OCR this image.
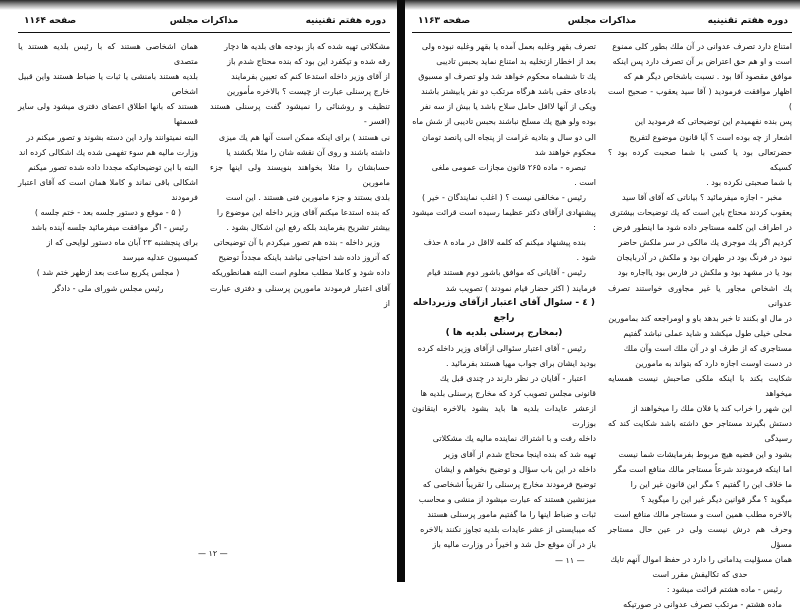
دوره هفتم تقنینیه
مذاکرات مجلس
صفحه ۱۱۶۴

مشکلاتی تهیه شده که باز بودجه های بلدیه ها دچار

رقه شده و تیکفرد این بود که بنده محتاج شدم باز

از آقای وزیر داخله استدعا کنم که تعیین بفرمایند

خارج پرسنلی عبارت از چیست ؟ بالاخره مأمورین

تنظیف و روشنائی را نمیشود گفت پرسنلی هستند (افسر -

نی هستند ) برای اینکه ممکن است آنها هم یك میزی

داشته باشند و روی آن نقشه شان را مثلا بکشند یا

حسابشان را مثلا بخواهند بنویسند ولی اینها جزء مامورین

بلدی بستند و جزء مامورین فنی هستند . این است

که بنده استدعا میکنم آقای وزیر داخله این موضوع را

بیشتر تشریح بفرمایند بلکه رفع این اشکال بشود .

وزیر داخله - بنده هم تصور میکردم با آن توضیحاتی

که آنروز داده شد احتیاجی نباشد باینکه مجدداً توضیح

داده شود و کاملا مطلب معلوم است البته همانطوریکه

آقای اعتبار فرمودند مامورین پرسنلی و دفتری عبارت از

همان اشخاصی هستند که با رئیس بلدیه هستند یا متصدی

بلدیه هستند بامنشی یا ثبات یا ضباط هستند واین قبیل اشخاص

هستند که بانها اطلاق اعضای دفتری میشود ولی سایر قسمتها

البته نمیتوانند وارد این دسته بشوند و تصور میکنم در

وزارت مالیه هم سوء تفهمی شده یك اشکالی کرده اند

البته با این توضیحاتیکه مجددا داده شده تصور میکنم

اشکالی باقی نماند و کاملا همان است که آقای اعتبار فرمودند

( ۵ - موقع و دستور جلسه بعد - ختم جلسه )

رئیس - اگر موافقت میفرمائید جلسه آینده باشد

برای پنجشنبه ۲۳ آبان ماه دستور لوایحی که از

کمیسیون عدلیه میرسد

( مجلس یکربع ساعت بعد ازظهر ختم شد )

رئیس مجلس شورای ملی - دادگر

— ۱۲ —
دوره هفتم تقنینیه
مذاکرات مجلس
صفحه ۱۱۶۳

امتناع دارد تصرف عدوانی در آن ملك بطور کلی ممنوع

است و او هم حق اعتراض بر آن تصرف دارد پس اینکه

موافق مقصود آقا بود . نسبت باشخاص دیگر هم که

اظهار موافقت فرمودید ( آقا سید یعقوب - صحیح است )

پس بنده نفهمیدم این توضیحاتی که فرمودید این

اشعار از چه بوده است ؟ آیا قانون موضوع لتفریح

حضرتعالی بود یا کسی با شما صحبت کرده بود ؟ کسیکه

با شما صحبتی نکرده بود .

مخبر - اجازه میفرمائید ؟ بیاناتی که آقای آقا سید

یعقوب کردند محتاج باین است که یك توضیحات بیشتری

در اطراف این کلمه مستاجر داده شود ما اینطور فرض

کردیم اگر یك موجری یك مالکی در سر ملکش حاضر

نبود در فرنگ بود در طهران بود و ملکش در آذربایجان

بود یا در مشهد بود و ملکش در فارس بود یااجاره بود

یك اشخاص مجاور یا غیر مجاوری خواستند تصرف عدوانی

در مال او بکنند تا خبر بدهد باو و اومراجعه کند بمامورین

محلی خیلی طول میکشد و شاید عملی نباشد گفتیم

مستاجری که از طرف او در آن ملك است وآن ملك

در دست اوست اجازه دارد که بتواند به مامورین

شکایت بکند با اینکه ملکی صاحبش نیست همسایه میخواهد

این شهر را خراب کند یا فلان ملك را میخواهند از

دستش بگیرند مستاجر حق داشته باشد شکایت کند که رسیدگی

بشود و این قضیه هیچ مربوط بفرمایشات شما نیست

اما اینکه فرمودند شرعاً مستاجر مالك منافع است مگر

ما خلاف این را گفتیم ؟ مگر این قانون غیر این را

میگوید ؟ مگر قوانین دیگر غیر این را میگوید ؟

بالاخره مطلب همین است و مستاجر مالك منافع است

وحرف هم درش نیست ولی در عین حال مستاجر مسؤل

همان مسؤلیت یدامانی را دارد در حفظ اموال آنهم تایك

حدی که تکالیفش مقرر است

رئیس - ماده هشتم قرائت میشود :

ماده هشتم - مرتکب تصرف عدوانی در صورتیکه

تصرف بقهر وغلبه بعمل آمده یا بقهر وغلبه نبوده ولی

بعد از اخطار ازتخلیه بد امتناع نماید بحبس تادیبی

یك تا ششماه محکوم خواهد شد ولو تصرف او مسبوق

بادعای حقی باشد هرگاه مرتکب دو نفر یابیشتر باشند

ویکی از آنها لااقل حامل سلاح باشد یا بیش از سه نفر

بوده ولو هیچ یك مسلح نباشند بحبس تادیبی از شش ماه

الی دو سال و بتادیه غرامت از پنجاه الی پانصد تومان

محکوم خواهند شد

تبصره - ماده ۲۶۵ قانون مجازات عمومی ملغی

است .

رئیس - مخالفی نیست ؟ ( اغلب نمایندگان - خیر )

پیشنهادی ازآقای دکتر عظیما رسیده است قرائت میشود :

بنده پیشنهاد میکنم که کلمه لااقل در ماده ۸ حذف

شود .

رئیس - آقایانی که موافق باشور دوم هستند قیام

فرمایند ( اکثر حضار قیام نمودند ) تصویب شد

( ٤ - سئوال آقای اعتبار ازآقای وزیرداخله راجع

(بمخارج پرسنلی بلدیه ها )

رئیس - آقای اعتبار سئوالی ازآقای وزیر داخله کرده

بودید ایشان برای جواب مهیا هستند بفرمائید .

اعتبار - آقایان در نظر دارند در چندی قبل یك

قانونی مجلس تصویب کرد که مخارج پرسنلی بلدیه ها

ازعشر عایدات بلدیه ها باید بشود بالاخره اینقانون بوزارت

داخله رفت و با اشتراك نماینده مالیه یك مشکلاتی

تهیه شد که بنده اینجا محتاج شدم از آقای وزیر

داخله در این باب سؤال و توضیح بخواهم و ایشان

توضیح فرمودند مخارج پرسنلی را تقریباً اشخاصی که

میزنشین هستند که عبارت میشود از منشی و محاسب

ثبات و ضباط اینها را ما گفتیم مامور پرسنلی هستند

که میبایستی از عشر عایدات بلدیه تجاوز نکنند بالاخره

باز در آن موقع حل شد و اخیراً در وزارت مالیه باز

— ۱۱ —
